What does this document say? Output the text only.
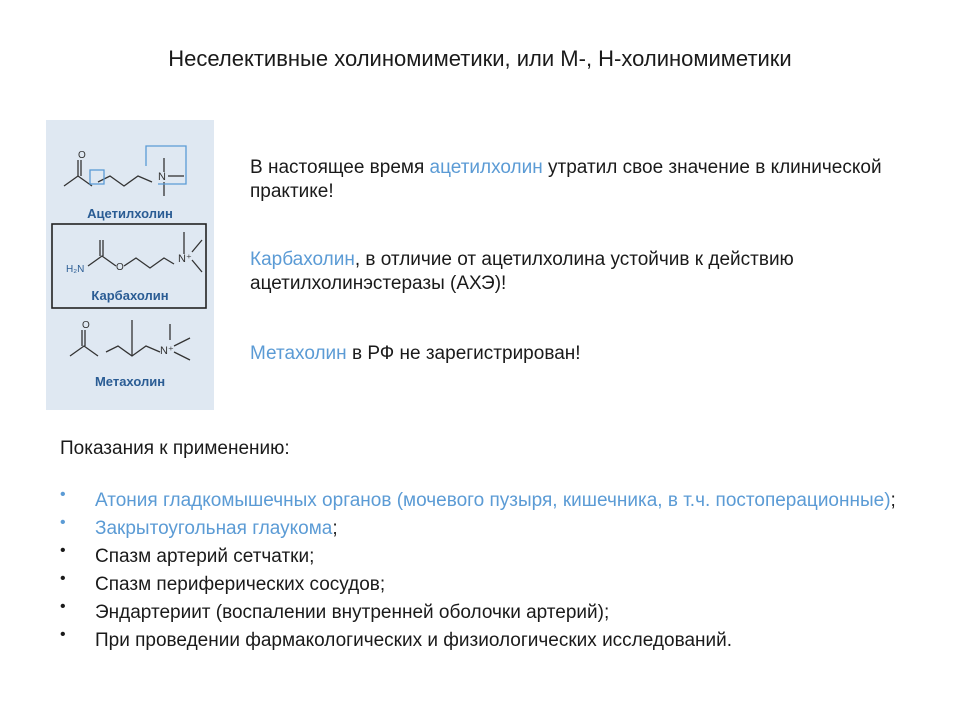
Неселективные холиномиметики, или М-, Н-холиномиметики
O
N
H₂N	O
N⁺
O
N⁺
Ацетилхолин
Карбахолин
Метахолин
В настоящее время ацетилхолин утратил свое значение в клинической практике!
Карбахолин, в отличие от ацетилхолина устойчив к действию ацетилхолинэстеразы (АХЭ)!
Метахолин в РФ не зарегистрирован!
Показания к применению:
• Атония гладкомышечных органов (мочевого пузыря, кишечника, в т.ч. постоперационные);
• Закрытоугольная глаукома;
• Спазм артерий сетчатки;
• Спазм периферических сосудов;
• Эндартериит (воспалении внутренней оболочки артерий);
• При проведении фармакологических и физиологических исследований.
